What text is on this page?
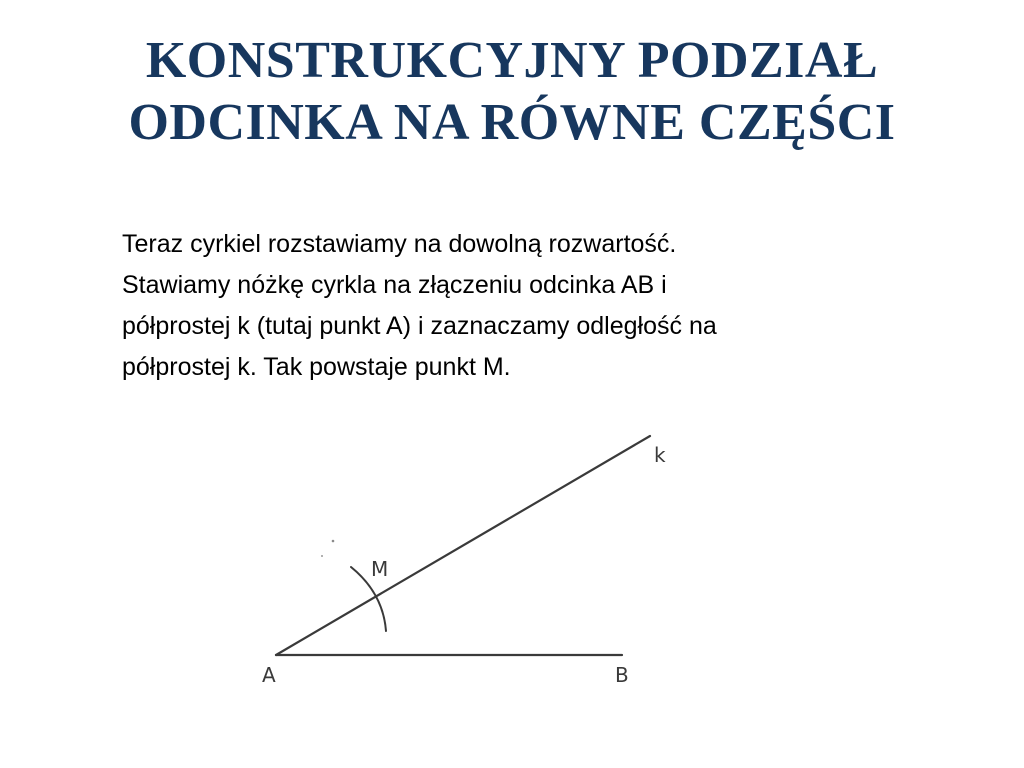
KONSTRUKCYJNY PODZIAŁ
ODCINKA NA RÓWNE CZĘŚCI
Teraz cyrkiel rozstawiamy na dowolną rozwartość.
Stawiamy nóżkę cyrkla na złączeniu odcinka AB i
półprostej k (tutaj punkt A) i zaznaczamy odległość na
półprostej k. Tak powstaje punkt M.
A	B
M
k
